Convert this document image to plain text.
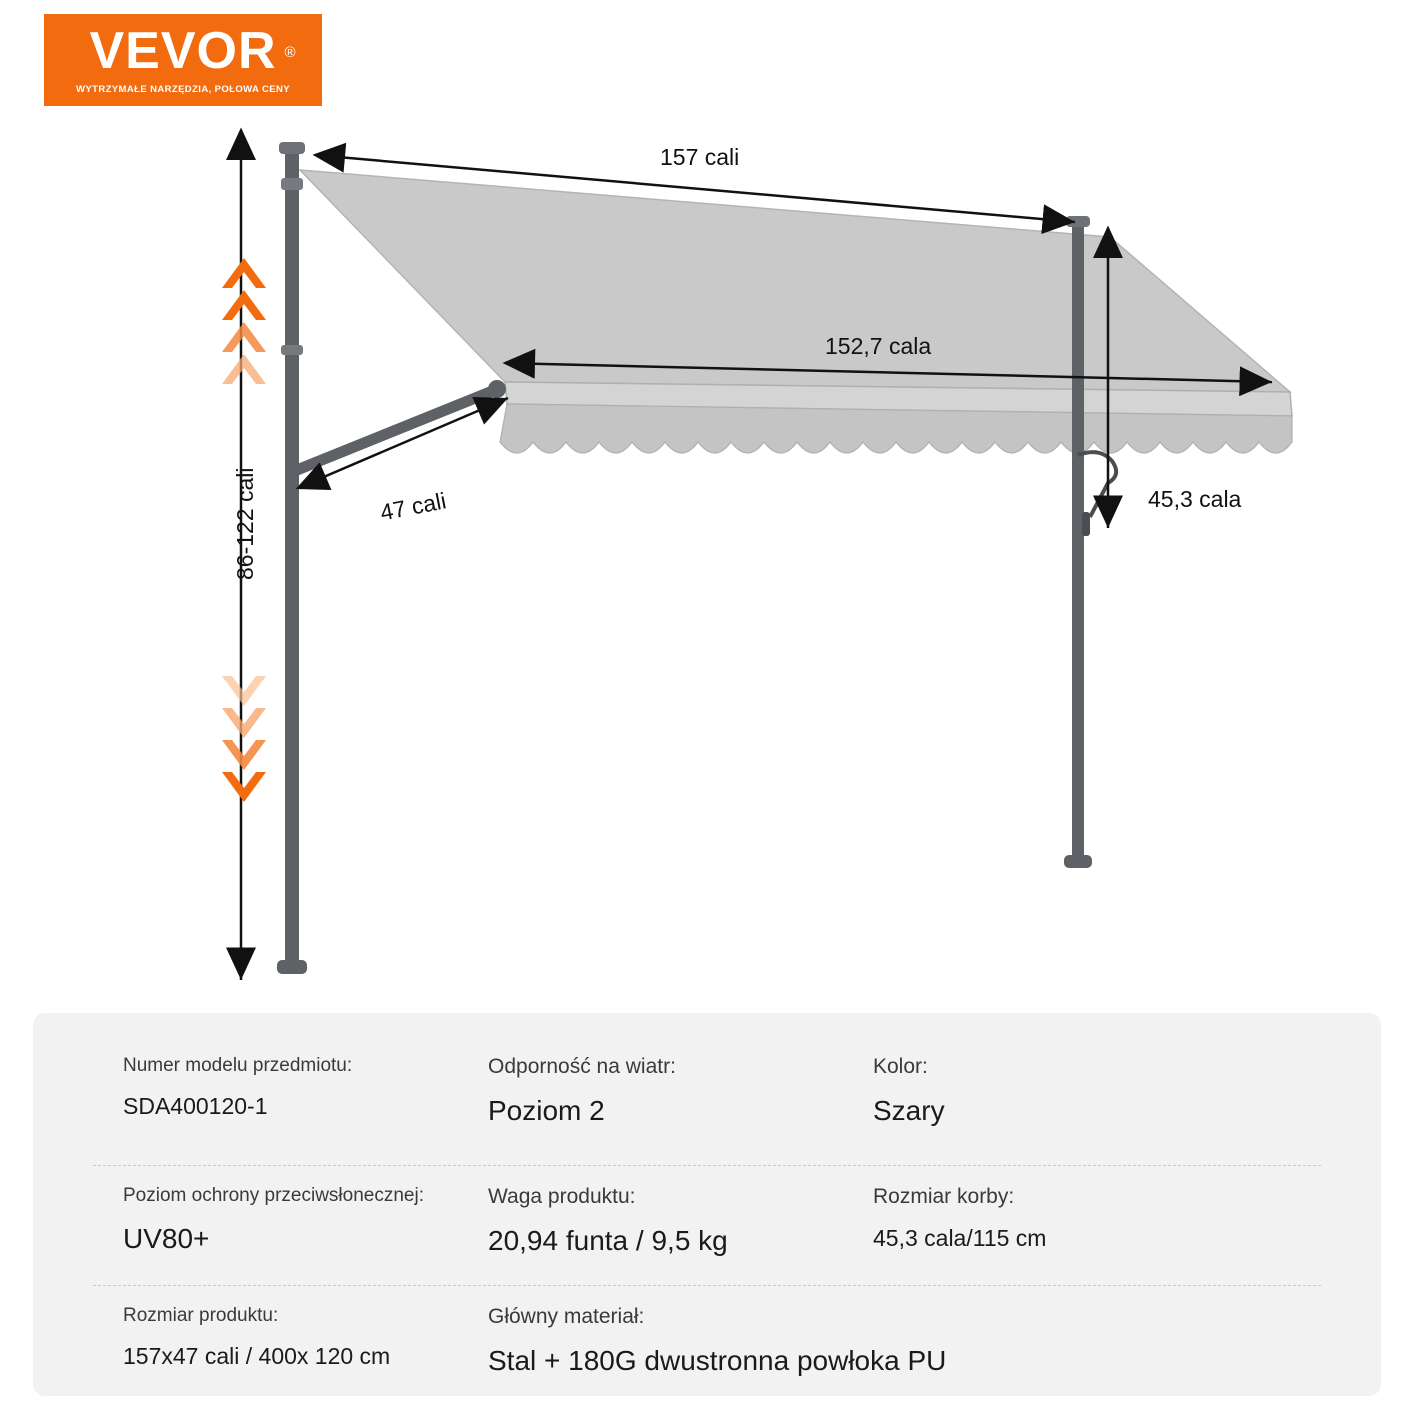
VEVOR ®
WYTRZYMAŁE NARZĘDZIA, POŁOWA CENY
157 cali
152,7 cala
47 cali
86-122 cali	45,3 cala
Numer modelu przedmiotu:
SDA400120-1
Odporność na wiatr:
Poziom 2
Kolor:
Szary
Poziom ochrony przeciwsłonecznej:
UV80+
Waga produktu:
20,94 funta / 9,5 kg
Rozmiar korby:
45,3 cala/115 cm
Rozmiar produktu:
157x47 cali / 400x 120 cm
Główny materiał:
Stal + 180G dwustronna powłoka PU
